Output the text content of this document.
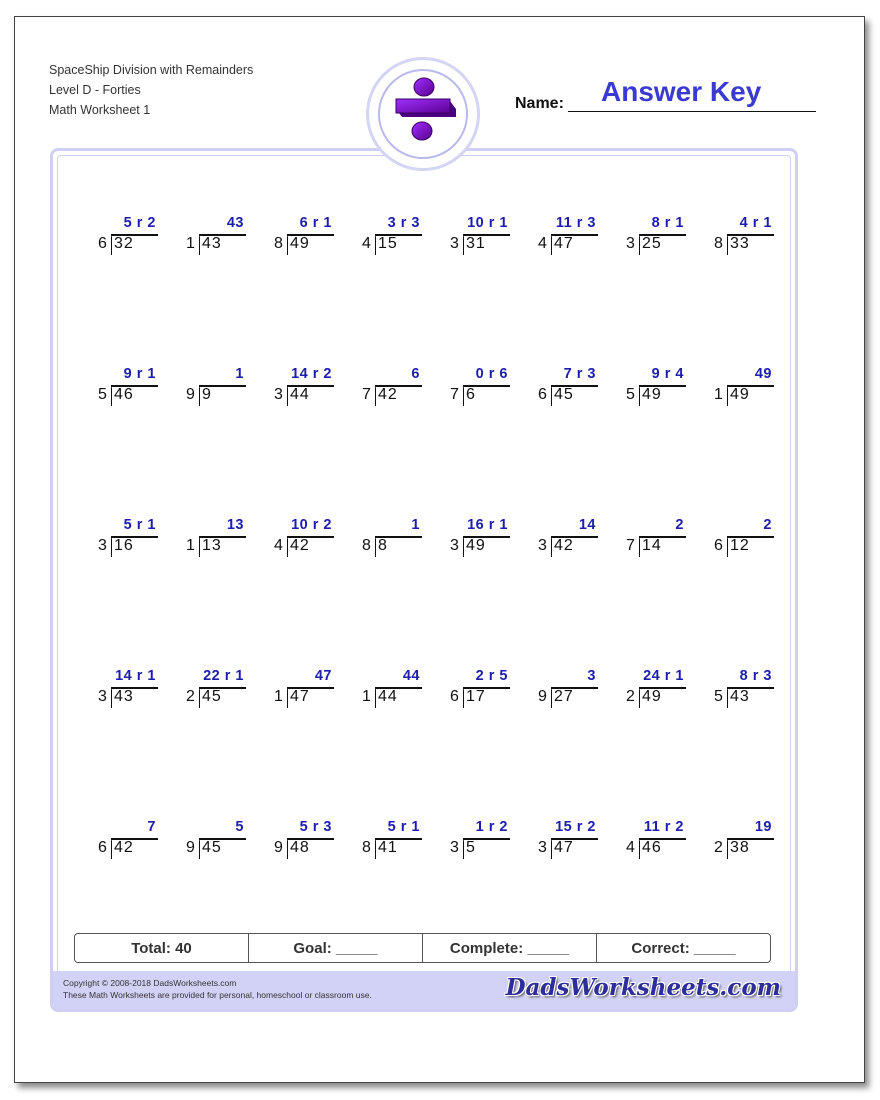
SpaceShip Division with Remainders
Level D - Forties
Math Worksheet 1	Name: Answer Key
Copyright © 2008-2018 DadsWorksheets.com
These Math Worksheets are provided for personal, homeschool or classroom use.	DadsWorksheets.com
5 r 2
6 32
43
1 43
6 r 1
8 49
3 r 3
4 15
10 r 1
3 31
11 r 3
4 47
8 r 1
3 25
4 r 1
8 33
9 r 1
5 46
1
9 9
14 r 2
3 44
6
7 42
0 r 6
7 6
7 r 3
6 45
9 r 4
5 49
49
1 49
5 r 1
3 16
13
1 13
10 r 2
4 42
1
8 8
16 r 1
3 49
14
3 42
2
7 14
2
6 12
14 r 1
3 43
22 r 1
2 45
47
1 47
44
1 44
2 r 5
6 17
3
9 27
24 r 1
2 49
8 r 3
5 43
7
6 42
5
9 45
5 r 3
9 48
5 r 1
8 41
1 r 2
3 5
15 r 2
3 47
11 r 2
4 46
19
2 38
Total: 40	Goal: _____	Complete: _____	Correct: _____
